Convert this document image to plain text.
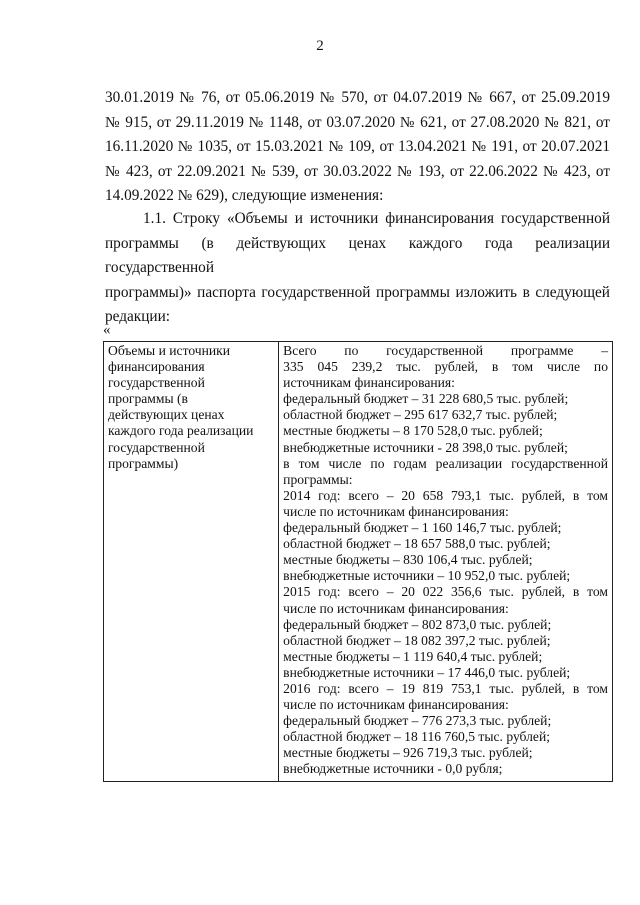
2

30.01.2019 № 76, от 05.06.2019 № 570, от 04.07.2019 № 667, от 25.09.2019

№ 915, от 29.11.2019 № 1148, от 03.07.2020 № 621, от 27.08.2020 № 821, от

16.11.2020 № 1035, от 15.03.2021 № 109, от 13.04.2021 № 191, от 20.07.2021

№ 423, от 22.09.2021 № 539, от 30.03.2022 № 193, от 22.06.2022 № 423, от

14.09.2022 № 629), следующие изменения:

1.1. Строку «Объемы и источники финансирования государственной

программы (в действующих ценах каждого года реализации государственной

программы)» паспорта государственной программы изложить в следующей

редакции:

«
Объемы и источники
финансирования
государственной
программы (в
действующих ценах
каждого года реализации
государственной
программы)

Всего по государственной программе –
335 045 239,2 тыс. рублей, в том числе по
источникам финансирования:
федеральный бюджет – 31 228 680,5 тыс. рублей;
областной бюджет – 295 617 632,7 тыс. рублей;
местные бюджеты – 8 170 528,0 тыс. рублей;
внебюджетные источники - 28 398,0 тыс. рублей;
в том числе по годам реализации государственной
программы:
2014 год: всего – 20 658 793,1 тыс. рублей, в том
числе по источникам финансирования:
федеральный бюджет – 1 160 146,7 тыс. рублей;
областной бюджет – 18 657 588,0 тыс. рублей;
местные бюджеты – 830 106,4 тыс. рублей;
внебюджетные источники – 10 952,0 тыс. рублей;
2015 год: всего – 20 022 356,6 тыс. рублей, в том
числе по источникам финансирования:
федеральный бюджет – 802 873,0 тыс. рублей;
областной бюджет – 18 082 397,2 тыс. рублей;
местные бюджеты – 1 119 640,4 тыс. рублей;
внебюджетные источники – 17 446,0 тыс. рублей;
2016 год: всего – 19 819 753,1 тыс. рублей, в том
числе по источникам финансирования:
федеральный бюджет – 776 273,3 тыс. рублей;
областной бюджет – 18 116 760,5 тыс. рублей;
местные бюджеты – 926 719,3 тыс. рублей;
внебюджетные источники - 0,0 рубля;
